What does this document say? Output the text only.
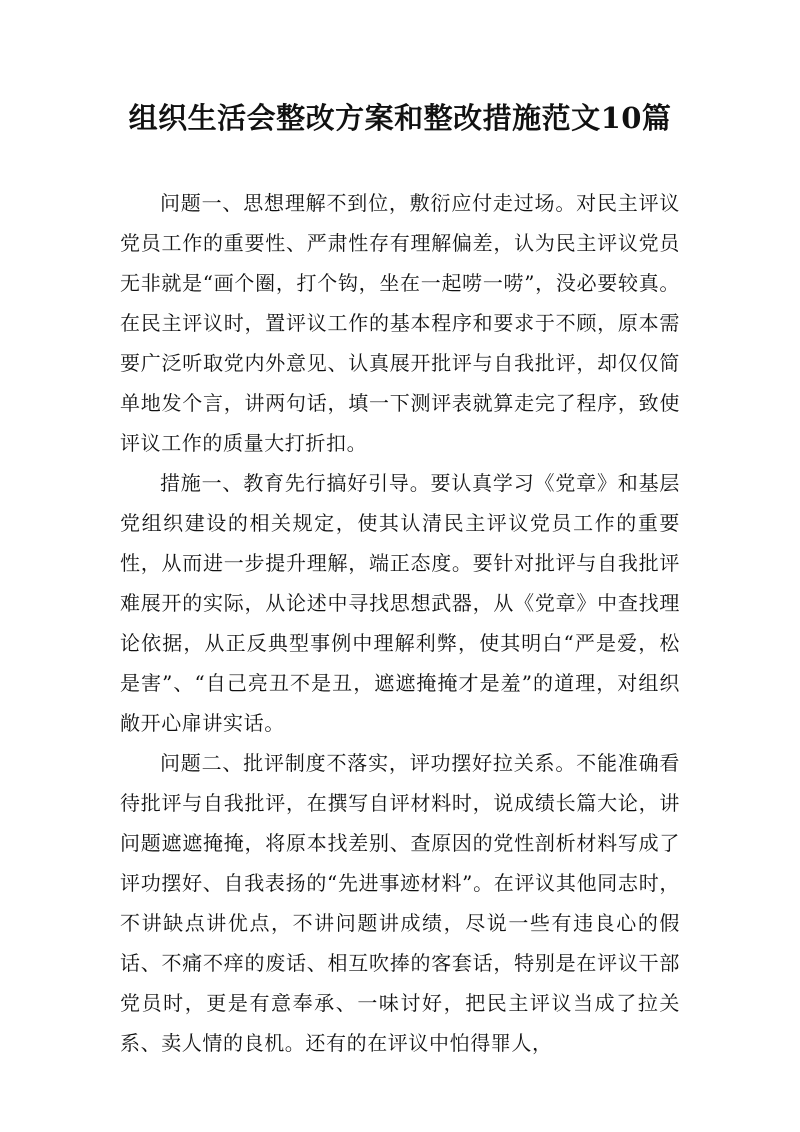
组织生活会整改方案和整改措施范文10篇

问题一、思想理解不到位，敷衍应付走过场。对民主评议党员工作的重要性、严肃性存有理解偏差，认为民主评议党员无非就是“画个圈，打个钩，坐在一起唠一唠”，没必要较真。在民主评议时，置评议工作的基本程序和要求于不顾，原本需要广泛听取党内外意见、认真展开批评与自我批评，却仅仅简单地发个言，讲两句话，填一下测评表就算走完了程序，致使评议工作的质量大打折扣。

措施一、教育先行搞好引导。要认真学习《党章》和基层党组织建设的相关规定，使其认清民主评议党员工作的重要性，从而进一步提升理解，端正态度。要针对批评与自我批评难展开的实际，从论述中寻找思想武器，从《党章》中查找理论依据，从正反典型事例中理解利弊，使其明白“严是爱，松是害”、“自己亮丑不是丑，遮遮掩掩才是羞”的道理，对组织敞开心扉讲实话。

问题二、批评制度不落实，评功摆好拉关系。不能准确看待批评与自我批评，在撰写自评材料时，说成绩长篇大论，讲问题遮遮掩掩，将原本找差别、查原因的党性剖析材料写成了评功摆好、自我表扬的“先进事迹材料”。在评议其他同志时，不讲缺点讲优点，不讲问题讲成绩，尽说一些有违良心的假话、不痛不痒的废话、相互吹捧的客套话，特别是在评议干部党员时，更是有意奉承、一味讨好，把民主评议当成了拉关系、卖人情的良机。还有的在评议中怕得罪人，
